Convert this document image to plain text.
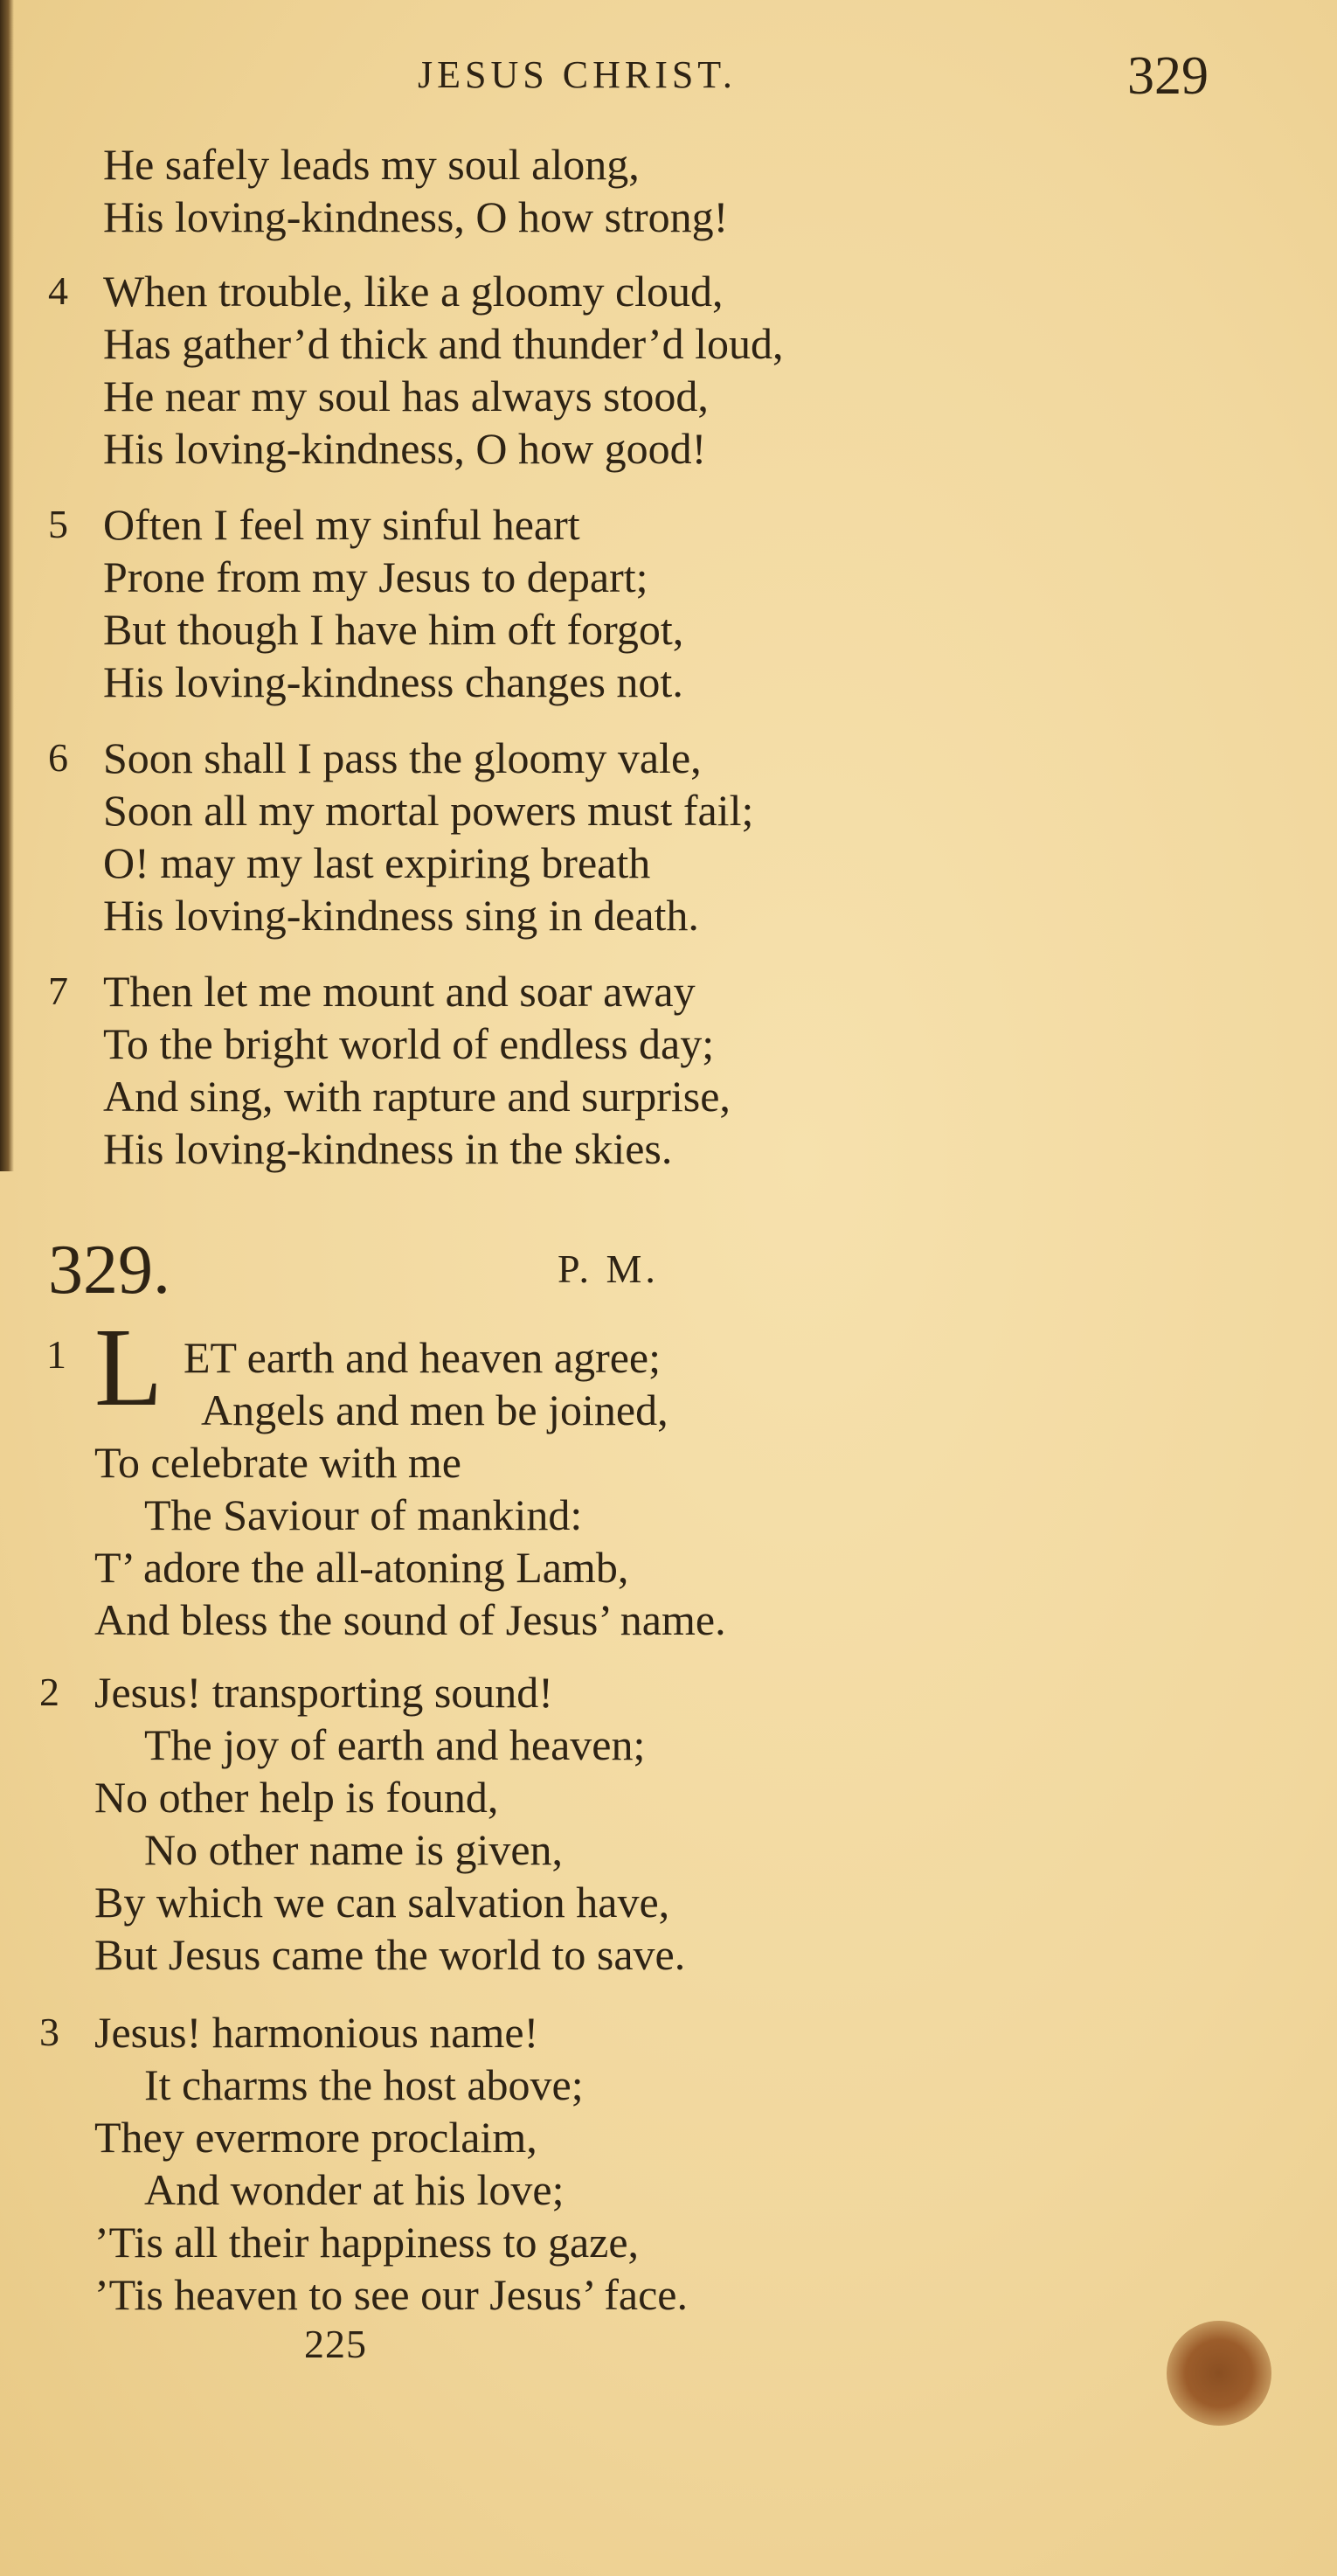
JESUS CHRIST.	329
He safely leads my soul along,
His loving-kindness, O how strong!
4 When trouble, like a gloomy cloud,
Has gather’d thick and thunder’d loud,
He near my soul has always stood,
His loving-kindness, O how good!
5 Often I feel my sinful heart
Prone from my Jesus to depart;
But though I have him oft forgot,
His loving-kindness changes not.
6 Soon shall I pass the gloomy vale,
Soon all my mortal powers must fail;
O! may my last expiring breath
His loving-kindness sing in death.
7 Then let me mount and soar away
To the bright world of endless day;
And sing, with rapture and surprise,
His loving-kindness in the skies.
329.	P. M.
1 L ET earth and heaven agree;
Angels and men be joined,
To celebrate with me
The Saviour of mankind:
T’ adore the all-atoning Lamb,
And bless the sound of Jesus’ name.
2 Jesus! transporting sound!
The joy of earth and heaven;
No other help is found,
No other name is given,
By which we can salvation have,
But Jesus came the world to save.
3 Jesus! harmonious name!
It charms the host above;
They evermore proclaim,
And wonder at his love;
’Tis all their happiness to gaze,
’Tis heaven to see our Jesus’ face.
225
